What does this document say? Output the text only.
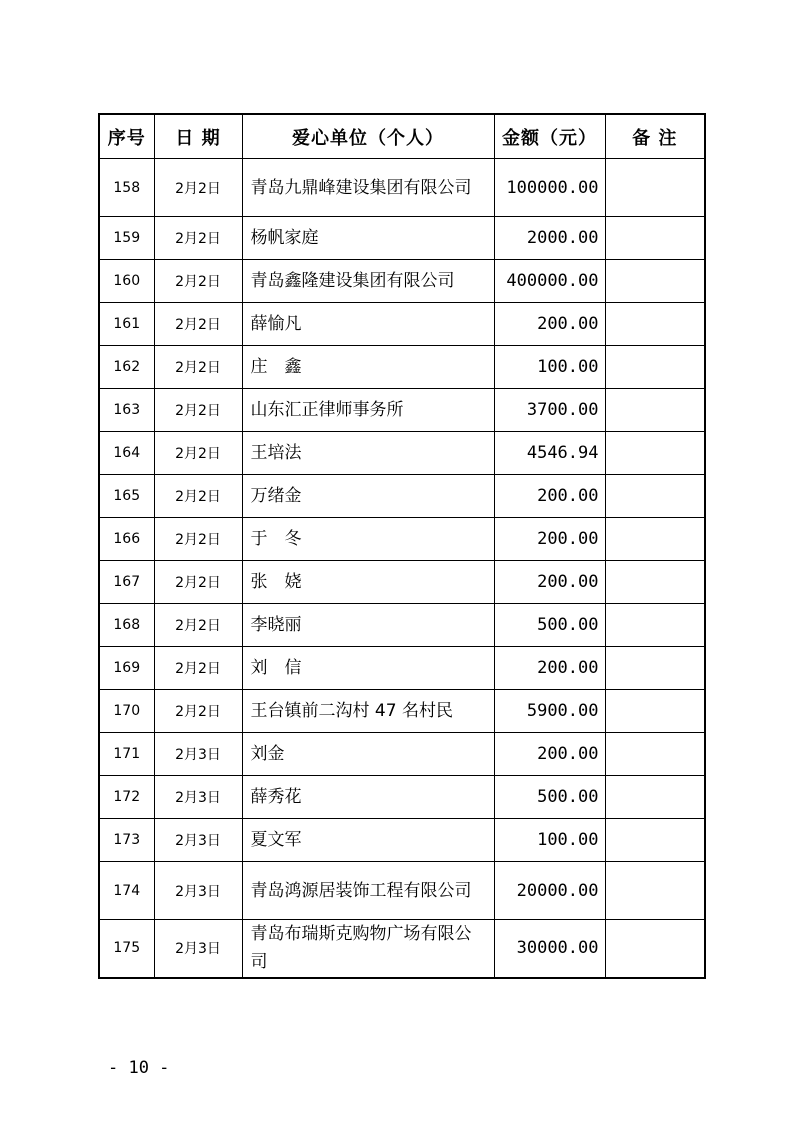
序号	日 期	爱心单位（个人）	金额（元）	备 注
158	2月2日	青岛九鼎峰建设集团有限公司	100000.00	
159	2月2日	杨帆家庭	2000.00	
160	2月2日	青岛鑫隆建设集团有限公司	400000.00	
161	2月2日	薛愉凡	200.00	
162	2月2日	庄　鑫	100.00	
163	2月2日	山东汇正律师事务所	3700.00	
164	2月2日	王培法	4546.94	
165	2月2日	万绪金	200.00	
166	2月2日	于　冬	200.00	
167	2月2日	张　娆	200.00	
168	2月2日	李晓丽	500.00	
169	2月2日	刘　信	200.00	
170	2月2日	王台镇前二沟村 47 名村民	5900.00	
171	2月3日	刘金	200.00	
172	2月3日	薛秀花	500.00	
173	2月3日	夏文军	100.00	
174	2月3日	青岛鸿源居装饰工程有限公司	20000.00	
175	2月3日	青岛布瑞斯克购物广场有限公司	30000.00	
- 10 -
